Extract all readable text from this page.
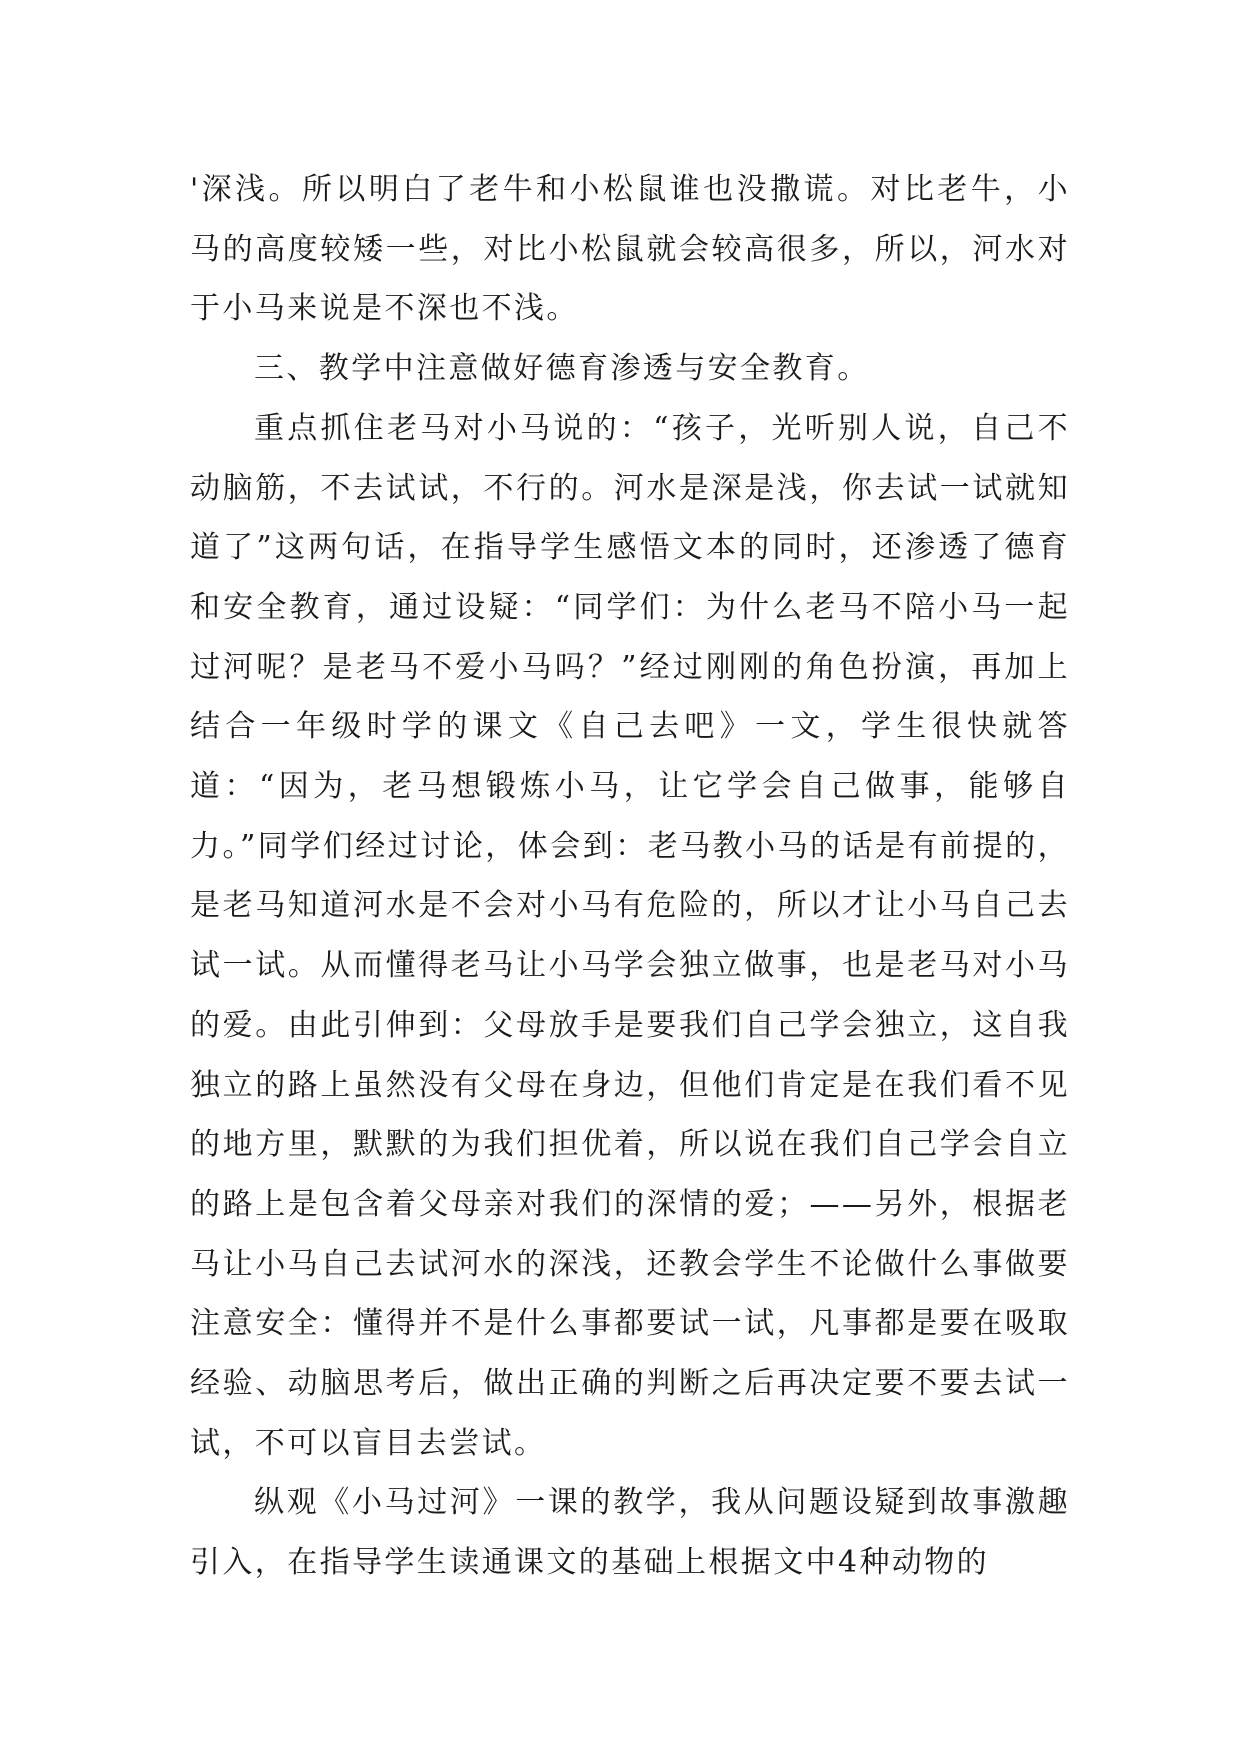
'深浅。所以明白了老牛和小松鼠谁也没撒谎。对比老牛，小马的高度较矮一些，对比小松鼠就会较高很多，所以，河水对于小马来说是不深也不浅。

三、教学中注意做好德育渗透与安全教育。

重点抓住老马对小马说的：“孩子，光听别人说，自己不动脑筋，不去试试，不行的。河水是深是浅，你去试一试就知道了”这两句话，在指导学生感悟文本的同时，还渗透了德育和安全教育，通过设疑：“同学们：为什么老马不陪小马一起过河呢？是老马不爱小马吗？”经过刚刚的角色扮演，再加上结合一年级时学的课文《自己去吧》一文，学生很快就答道：“因为，老马想锻炼小马，让它学会自己做事，能够自力。”同学们经过讨论，体会到：老马教小马的话是有前提的，是老马知道河水是不会对小马有危险的，所以才让小马自己去试一试。从而懂得老马让小马学会独立做事，也是老马对小马的爱。由此引伸到：父母放手是要我们自己学会独立，这自我独立的路上虽然没有父母在身边，但他们肯定是在我们看不见的地方里，默默的为我们担优着，所以说在我们自己学会自立的路上是包含着父母亲对我们的深情的爱；——另外，根据老马让小马自己去试河水的深浅，还教会学生不论做什么事做要注意安全：懂得并不是什么事都要试一试，凡事都是要在吸取经验、动脑思考后，做出正确的判断之后再决定要不要去试一试，不可以盲目去尝试。

纵观《小马过河》一课的教学，我从问题设疑到故事激趣引入，在指导学生读通课文的基础上根据文中4种动物的
